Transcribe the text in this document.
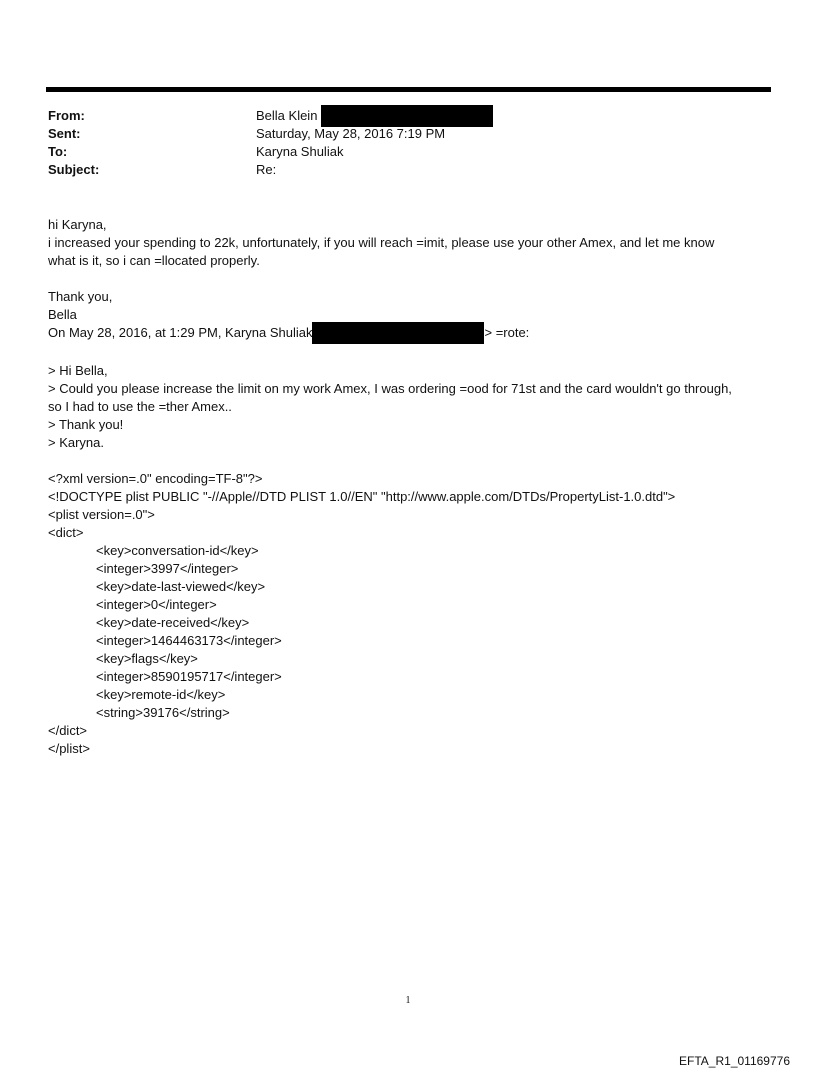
From:	Bella Klein
Sent:	Saturday, May 28, 2016 7:19 PM
To:	Karyna Shuliak
Subject:	Re:

hi Karyna,

i increased your spending to 22k, unfortunately, if you will reach =imit, please use your other Amex, and let me know

what is it, so i can =llocated properly.

Thank you,

Bella

On May 28, 2016, at 1:29 PM, Karyna Shuliak	> =rote:

> Hi Bella,

> Could you please increase the limit on my work Amex, I was ordering =ood for 71st and the card wouldn't go through,

so I had to use the =ther Amex..

> Thank you!

> Karyna.

<?xml version=.0" encoding=TF-8"?>

<!DOCTYPE plist PUBLIC "-//Apple//DTD PLIST 1.0//EN" "http://www.apple.com/DTDs/PropertyList-1.0.dtd">

<plist version=.0">

<dict>

<key>conversation-id</key>

<integer>3997</integer>

<key>date-last-viewed</key>

<integer>0</integer>

<key>date-received</key>

<integer>1464463173</integer>

<key>flags</key>

<integer>8590195717</integer>

<key>remote-id</key>

<string>39176</string>

</dict>

</plist>

1
EFTA_R1_01169776
